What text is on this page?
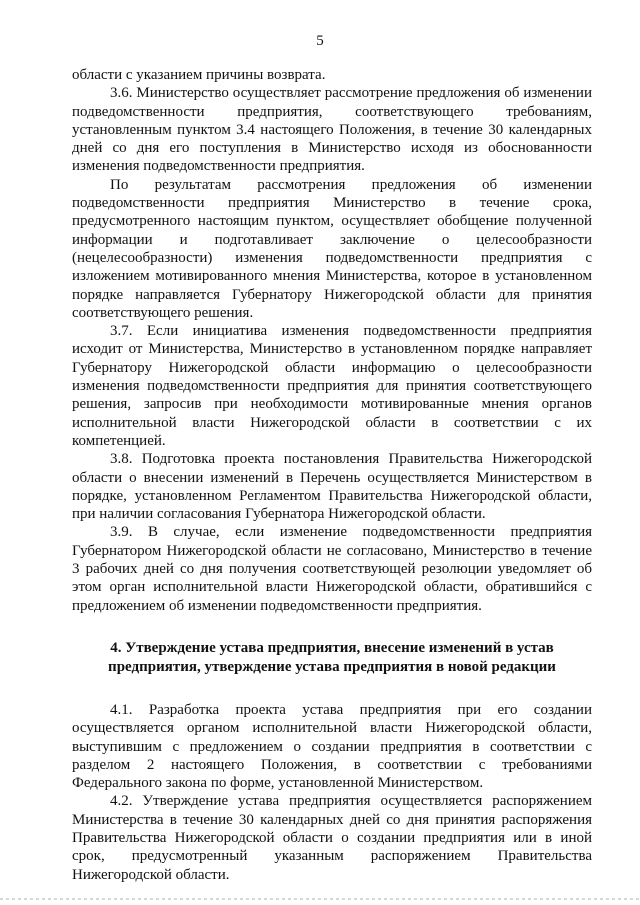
5

области с указанием причины возврата.

3.6. Министерство осуществляет рассмотрение предложения об изменении подведомственности предприятия, соответствующего требованиям, установленным пунктом 3.4 настоящего Положения, в течение 30 календарных дней со дня его поступления в Министерство исходя из обоснованности изменения подведомственности предприятия.

По результатам рассмотрения предложения об изменении подведомственности предприятия Министерство в течение срока, предусмотренного настоящим пунктом, осуществляет обобщение полученной информации и подготавливает заключение о целесообразности (нецелесообразности) изменения подведомственности предприятия с изложением мотивированного мнения Министерства, которое в установленном порядке направляется Губернатору Нижегородской области для принятия соответствующего решения.

3.7. Если инициатива изменения подведомственности предприятия исходит от Министерства, Министерство в установленном порядке направляет Губернатору Нижегородской области информацию о целесообразности изменения подведомственности предприятия для принятия соответствующего решения, запросив при необходимости мотивированные мнения органов исполнительной власти Нижегородской области в соответствии с их компетенцией.

3.8. Подготовка проекта постановления Правительства Нижегородской области о внесении изменений в Перечень осуществляется Министерством в порядке, установленном Регламентом Правительства Нижегородской области, при наличии согласования Губернатора Нижегородской области.

3.9. В случае, если изменение подведомственности предприятия Губернатором Нижегородской области не согласовано, Министерство в течение 3 рабочих дней со дня получения соответствующей резолюции уведомляет об этом орган исполнительной власти Нижегородской области, обратившийся с предложением об изменении подведомственности предприятия.

4. Утверждение устава предприятия, внесение изменений в устав
предприятия, утверждение устава предприятия в новой редакции

4.1. Разработка проекта устава предприятия при его создании осуществляется органом исполнительной власти Нижегородской области, выступившим с предложением о создании предприятия в соответствии с разделом 2 настоящего Положения, в соответствии с требованиями Федерального закона по форме, установленной Министерством.

4.2. Утверждение устава предприятия осуществляется распоряжением Министерства в течение 30 календарных дней со дня принятия распоряжения Правительства Нижегородской области о создании предприятия или в иной срок, предусмотренный указанным распоряжением Правительства Нижегородской области.
